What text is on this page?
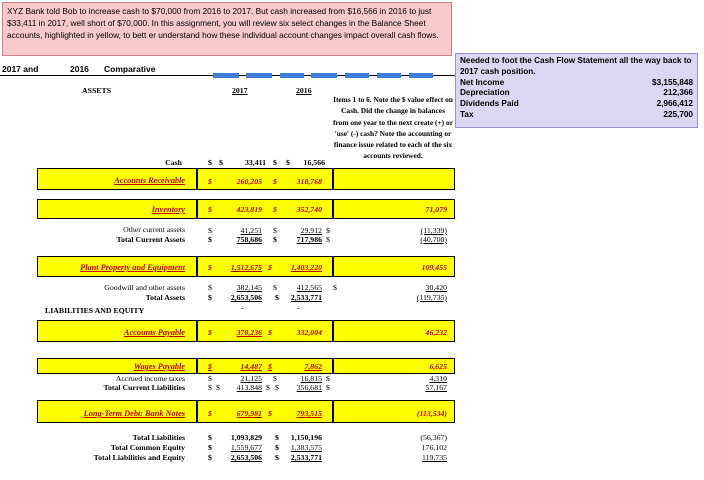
XYZ Bank told Bob to increase cash to $70,000 from 2016 to 2017. But cash increased from $16,566 in 2016 to just $33,411 in 2017, well short of $70,000. In this assignment, you will review six select changes in the Balance Sheet accounts, highlighted in yellow, to bett er understand how these individual account changes impact overall cash flows.
2017 and	2016 Comparative
Needed to foot the Cash Flow Statement all the way back to 2017 cash position.
Net Income	$3,155,848
Depreciation	212,366
Dividends Paid	2,966,412
Tax	225,700
ASSETS	2017	2016
Items 1 to 6. Note the $ value effect on Cash. Did the change in balances from one year to the next create (+) or 'use' (-) cash? Note the accounting or finance issue related to each of the six accounts reviewed.
Cash	$ $	33,411 $ $	16,566
Accounts Receivable	$	260,205 $	318,768
Inventory	$	423,819 $	352,740	71,079
Other current assets	$	41,251 $	29,912 $	(11,339)
Total Current Assets	$	758,686 $	717,986 $	(40,700)
Plant Property and Equipment	$	1,512,675 $	1,403,220	109,455
Goodwill and other assets	$	382,145 $	412,565 $	30,420
Total Assets	$	2,653,506 $	2,533,771	(119,735)
LIABILITIES AND EQUITY	-	-
Accounts Payable	$	378,236 $	332,004	46,232
Wages Payable	$	14,487 $	7,862	6,625
Accrued income taxes	$	21,125 $	16,815 $	4,310
Total Current Liabilities	$ $	413,848 $ $	356,681 $	57,167
Long-Term Debt: Bank Notes	$	679,981 $	793,515	(113,534)
Total Liabilities	$	1,093,829 $	1,150,196	(56,367)
Total Common Equity	$	1,559,677 $	1,383,575	176,102
Total Liabilities and Equity	$	2,653,506 $	2,533,771	119,735
